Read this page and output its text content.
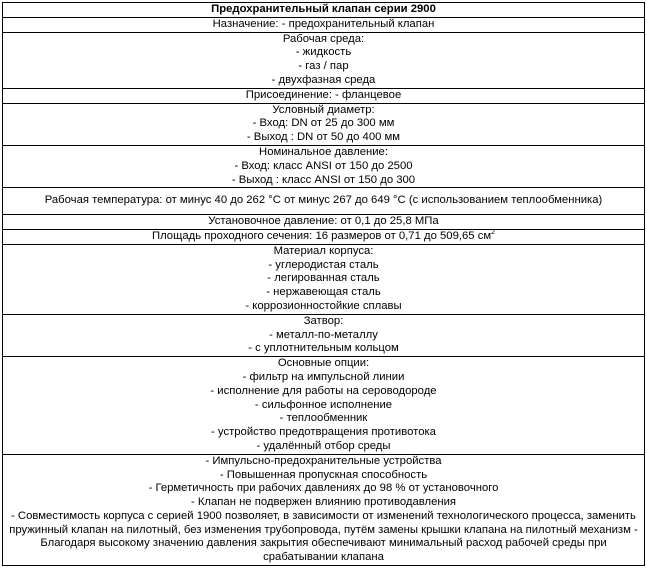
Предохранительный клапан серии 2900
Назначение: - предохранительный клапан

Рабочая среда:
- жидкость
- газ / пар
- двухфазная среда

Присоединение: - фланцевое

Условный диаметр:
- Вход: DN от 25 до 300 мм
- Выход : DN от 50 до 400 мм

Номинальное давление:
- Вход: класс ANSI от 150 до 2500
- Выход : класс ANSI от 150 до 300

Рабочая температура: от минус 40 до 262 °C от минус 267 до 649 °C (с использованием теплообменника)
Установочное давление: от 0,1 до 25,8 МПа
Площадь проходного сечения: 16 размеров от 0,71 до 509,65 $см^2$

Материал корпуса:
- углеродистая сталь
- легированная сталь
- нержавеющая сталь
- коррозионностойкие сплавы

Затвор:
- металл-по-металлу
- с уплотнительным кольцом

Основные опции:
- фильтр на импульсной линии
- исполнение для работы на сероводороде
- сильфонное исполнение
- теплообменник
- устройство предотвращения противотока
- удалённый отбор среды

- Импульсно-предохранительные устройства
- Повышенная пропускная способность
- Герметичность при рабочих давлениях до 98 % от установочного
- Клапан не подвержен влиянию противодавления
- Совместимость корпуса с серией 1900 позволяет, в зависимости от изменений технологического процесса, заменить пружинный клапан на пилотный, без изменения трубопровода, путём замены крышки клапана на пилотный механизм - Благодаря высокому значению давления закрытия обеспечивают минимальный расход рабочей среды при срабатывании клапана
